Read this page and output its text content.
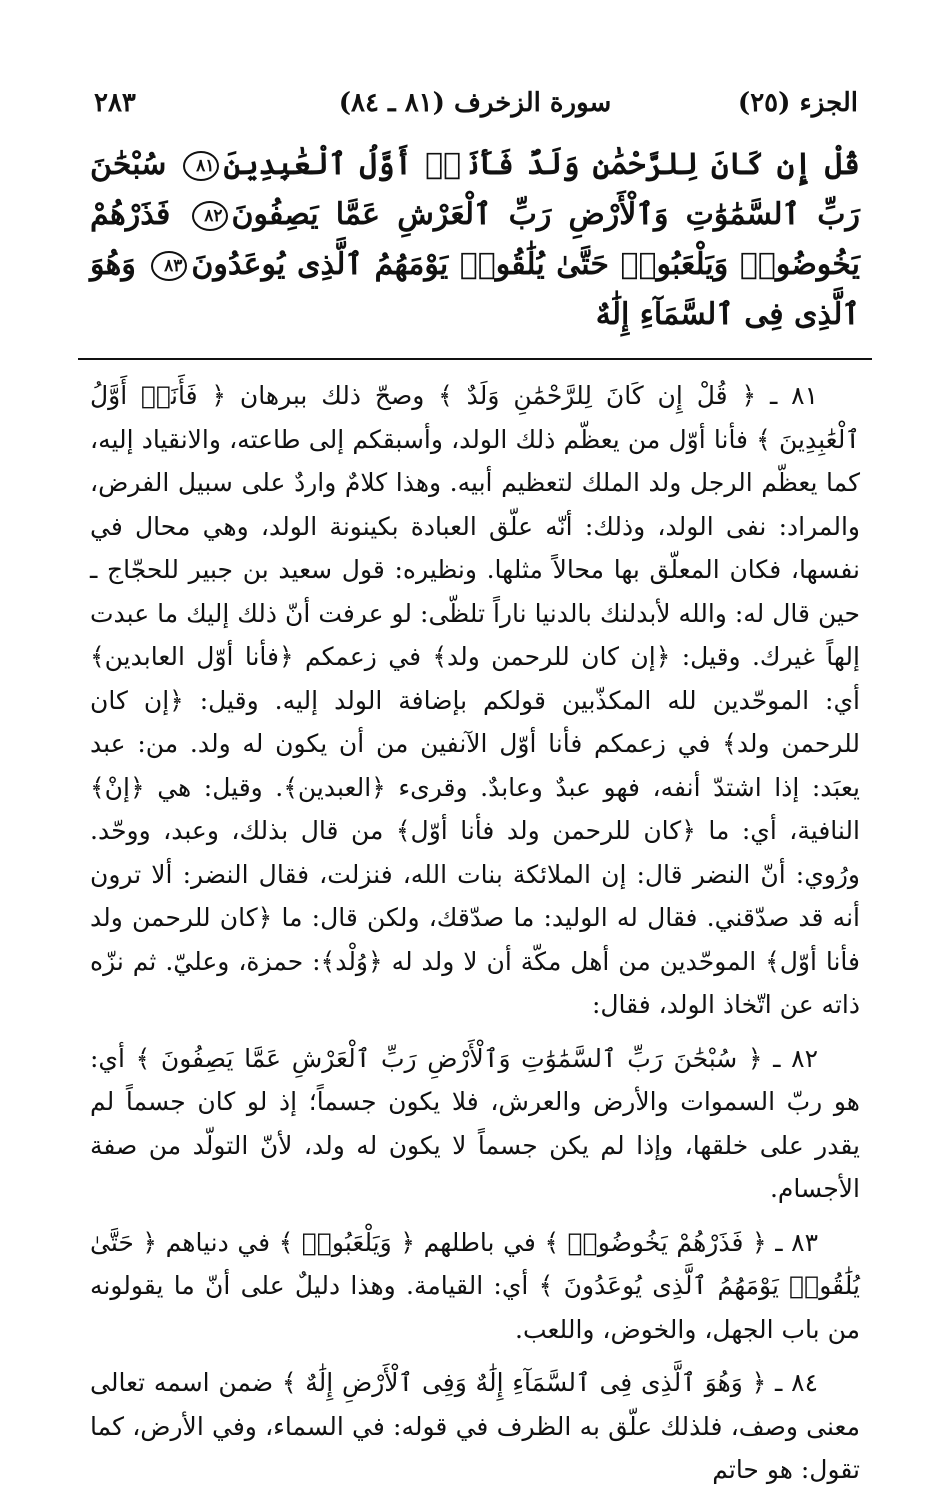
الجزء (٢٥)
سورة الزخرف (٨١ ـ ٨٤)
٢٨٣
قُلْ إِن كَانَ لِلرَّحْمَٰنِ وَلَدٌ فَأَنَا۠ أَوَّلُ ٱلْعَٰبِدِينَ٨١ سُبْحَٰنَ رَبِّ ٱلسَّمَٰوَٰتِ وَٱلْأَرْضِ رَبِّ ٱلْعَرْشِ عَمَّا يَصِفُونَ٨٢ فَذَرْهُمْ يَخُوضُوا۟ وَيَلْعَبُوا۟ حَتَّىٰ يُلَٰقُوا۟ يَوْمَهُمُ ٱلَّذِى يُوعَدُونَ٨٣ وَهُوَ ٱلَّذِى فِى ٱلسَّمَآءِ إِلَٰهٌ

٨١ ـ ﴿ قُلْ إِن كَانَ لِلرَّحْمَٰنِ وَلَدٌ ﴾ وصحّ ذلك ببرهان ﴿ فَأَنَا۠ أَوَّلُ ٱلْعَٰبِدِينَ ﴾ فأنا أوّل من يعظّم ذلك الولد، وأسبقكم إلى طاعته، والانقياد إليه، كما يعظّم الرجل ولد الملك لتعظيم أبيه. وهذا كلامٌ واردٌ على سبيل الفرض، والمراد: نفى الولد، وذلك: أنّه علّق العبادة بكينونة الولد، وهي محال في نفسها، فكان المعلّق بها محالاً مثلها. ونظيره: قول سعيد بن جبير للحجّاج ـ حين قال له: والله لأبدلنك بالدنيا ناراً تلظّى: لو عرفت أنّ ذلك إليك ما عبدت إلهاً غيرك. وقيل: ﴿إن كان للرحمن ولد﴾ في زعمكم ﴿فأنا أوّل العابدين﴾ أي: الموحّدين لله المكذّبين قولكم بإضافة الولد إليه. وقيل: ﴿إن كان للرحمن ولد﴾ في زعمكم فأنا أوّل الآنفين من أن يكون له ولد. من: عبد يعبَد: إذا اشتدّ أنفه، فهو عبدٌ وعابدٌ. وقرىء ﴿العبدين﴾. وقيل: هي ﴿إنْ﴾ النافية، أي: ما ﴿كان للرحمن ولد فأنا أوّل﴾ من قال بذلك، وعبد، ووحّد. ورُوي: أنّ النضر قال: إن الملائكة بنات الله، فنزلت، فقال النضر: ألا ترون أنه قد صدّقني. فقال له الوليد: ما صدّقك، ولكن قال: ما ﴿كان للرحمن ولد فأنا أوّل﴾ الموحّدين من أهل مكّة أن لا ولد له ﴿وُلْد﴾: حمزة، وعليّ. ثم نزّه ذاته عن اتّخاذ الولد، فقال:

٨٢ ـ ﴿ سُبْحَٰنَ رَبِّ ٱلسَّمَٰوَٰتِ وَٱلْأَرْضِ رَبِّ ٱلْعَرْشِ عَمَّا يَصِفُونَ ﴾ أي: هو ربّ السموات والأرض والعرش، فلا يكون جسماً؛ إذ لو كان جسماً لم يقدر على خلقها، وإذا لم يكن جسماً لا يكون له ولد، لأنّ التولّد من صفة الأجسام.

٨٣ ـ ﴿ فَذَرْهُمْ يَخُوضُوا۟ ﴾ في باطلهم ﴿ وَيَلْعَبُوا۟ ﴾ في دنياهم ﴿ حَتَّىٰ يُلَٰقُوا۟ يَوْمَهُمُ ٱلَّذِى يُوعَدُونَ ﴾ أي: القيامة. وهذا دليلٌ على أنّ ما يقولونه من باب الجهل، والخوض، واللعب.

٨٤ ـ ﴿ وَهُوَ ٱلَّذِى فِى ٱلسَّمَآءِ إِلَٰهٌ وَفِى ٱلْأَرْضِ إِلَٰهٌ ﴾ ضمن اسمه تعالى معنى وصف، فلذلك علّق به الظرف في قوله: في السماء، وفي الأرض، كما تقول: هو حاتم
